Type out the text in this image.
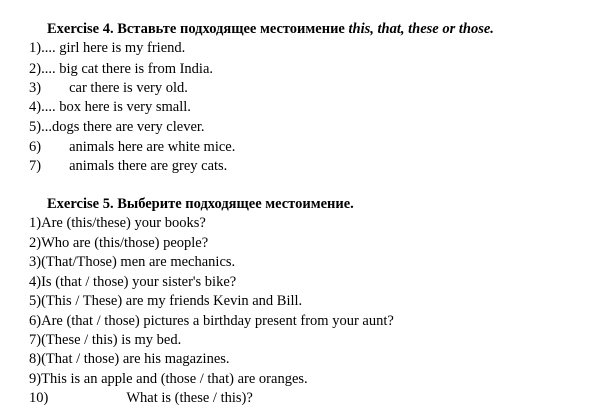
Exercise 4. Вставьте подходящее местоимение this, that, these or those.
1).... girl here is my friend.
2).... big cat there is from India.
3) car there is very old.
4).... box here is very small.
5)...dogs there are very clever.
6) animals here are white mice.
7) animals there are grey cats.
Exercise 5. Выберите подходящее местоимение.
1)Are (this/these) your books?
2)Who are (this/those) people?
3)(That/Those) men are mechanics.
4)Is (that / those) your sister's bike?
5)(This / These) are my friends Kevin and Bill.
6)Are (that / those) pictures a birthday present from your aunt?
7)(These / this) is my bed.
8)(That / those) are his magazines.
9)This is an apple and (those / that) are oranges.
10)	What is (these / this)?
